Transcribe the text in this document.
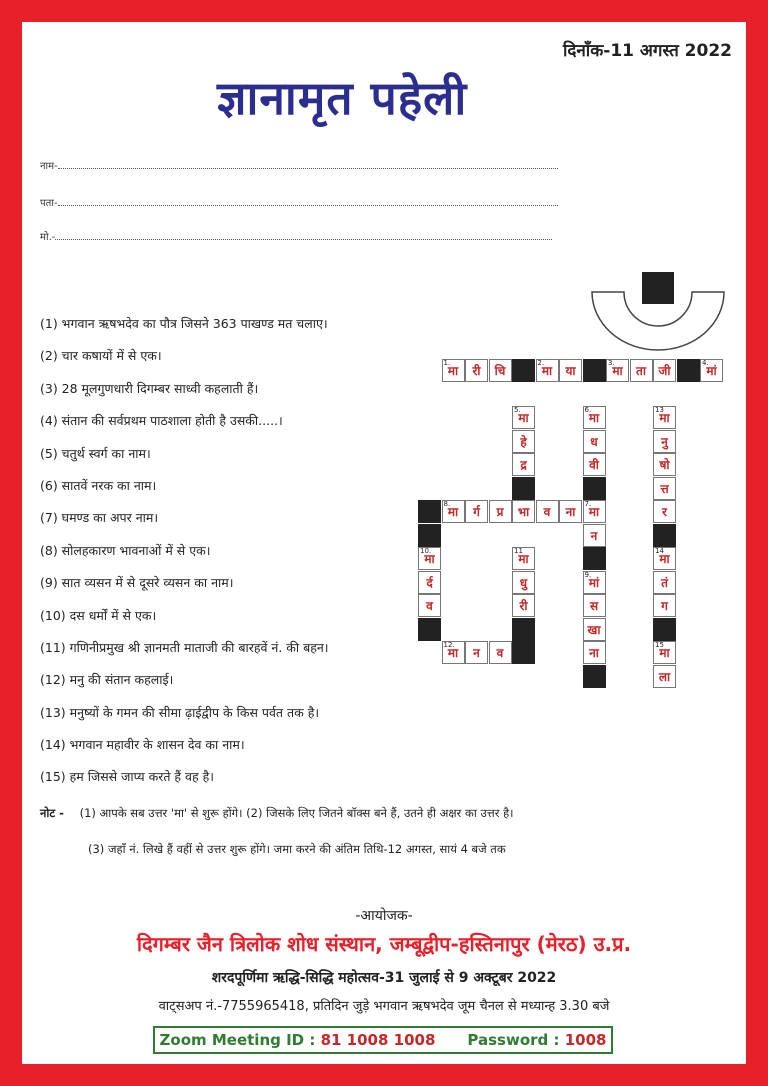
दिनाँक-11 अगस्त 2022
ज्ञानामृत पहेली
नाम-
पता-
मो.-
(1) भगवान ऋषभदेव का पौत्र जिसने 363 पाखण्ड मत चलाए।
(2) चार कषायों में से एक।
(3) 28 मूलगुणधारी दिगम्बर साध्वी कहलाती हैं।
(4) संतान की सर्वप्रथम पाठशाला होती है उसकी.....।
(5) चतुर्थ स्वर्ग का नाम।
(6) सातवें नरक का नाम।
(7) घमण्ड का अपर नाम।
(8) सोलहकारण भावनाओं में से एक।
(9) सात व्यसन में से दूसरे व्यसन का नाम।
(10) दस धर्मों में से एक।
(11) गणिनीप्रमुख श्री ज्ञानमती माताजी की बारहवें नं. की बहन।
(12) मनु की संतान कहलाई।
(13) मनुष्यों के गमन की सीमा ढ़ाईद्वीप के किस पर्वत तक है।
(14) भगवान महावीर के शासन देव का नाम।
(15) हम जिससे जाप्य करते हैं वह है।
1.
मा	री	चि
2.
मा	या
3.
मा	ता	जी
4.
मां
5.
मा
हे
द्र
6.
मा
ध
वी
13
मा
नु
षो
त्त
र
8.
मा	र्ग	प्र	भा	व	ना
7.
मा
न
10.
मा
र्द
व
11
मा
धु
री
9.
मां
स
खा
ना
14
मा
तं
ग
12.
मा	न	व
15
मा
ला
नोट - (1) आपके सब उत्तर 'मा' से शुरू होंगे। (2) जिसके लिए जितने बॉक्स बने हैं, उतने ही अक्षर का उत्तर है।
(3) जहाँ नं. लिखे हैं वहीं से उत्तर शुरू होंगे। जमा करने की अंतिम तिथि-12 अगस्त, सायं 4 बजे तक
-आयोजक-
दिगम्बर जैन त्रिलोक शोध संस्थान, जम्बूद्वीप-हस्तिनापुर (मेरठ) उ.प्र.
शरदपूर्णिमा ऋद्धि-सिद्धि महोत्सव-31 जुलाई से 9 अक्टूबर 2022
वाट्सअप नं.-7755965418, प्रतिदिन जुड़े भगवान ऋषभदेव जूम चैनल से मध्यान्ह 3.30 बजे
Zoom Meeting ID : 81 1008 1008 Password : 1008
